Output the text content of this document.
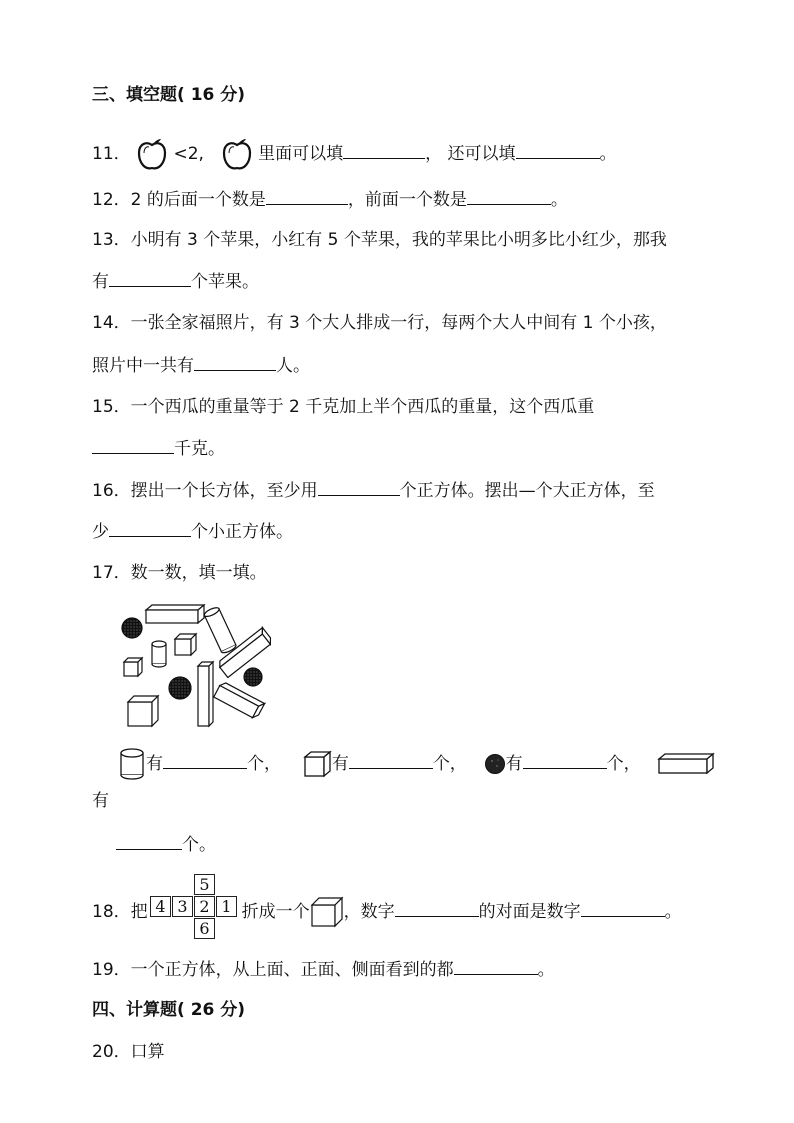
三、填空题( 16 分)
11．	<2,	里面可以填	， 还可以填	。
12．2 的后面一个数是	，前面一个数是	。
13．小明有 3 个苹果，小红有 5 个苹果，我的苹果比小明多比小红少，那我
有	个苹果。
14．一张全家福照片，有 3 个大人排成一行，每两个大人中间有 1 个小孩，
照片中一共有	人。
15．一个西瓜的重量等于 2 千克加上半个西瓜的重量，这个西瓜重
千克。
16．摆出一个长方体，至少用	个正方体。摆出—个大正方体，至
少	个小正方体。
17．数一数，填一填。
有	个，	有	个， 有	个，
有
个。
5
4 3 2 1
6
18．把	折成一个 ，数字	的对面是数字	。
19．一个正方体，从上面、正面、侧面看到的都	。
四、计算题( 26 分)
20．口算
